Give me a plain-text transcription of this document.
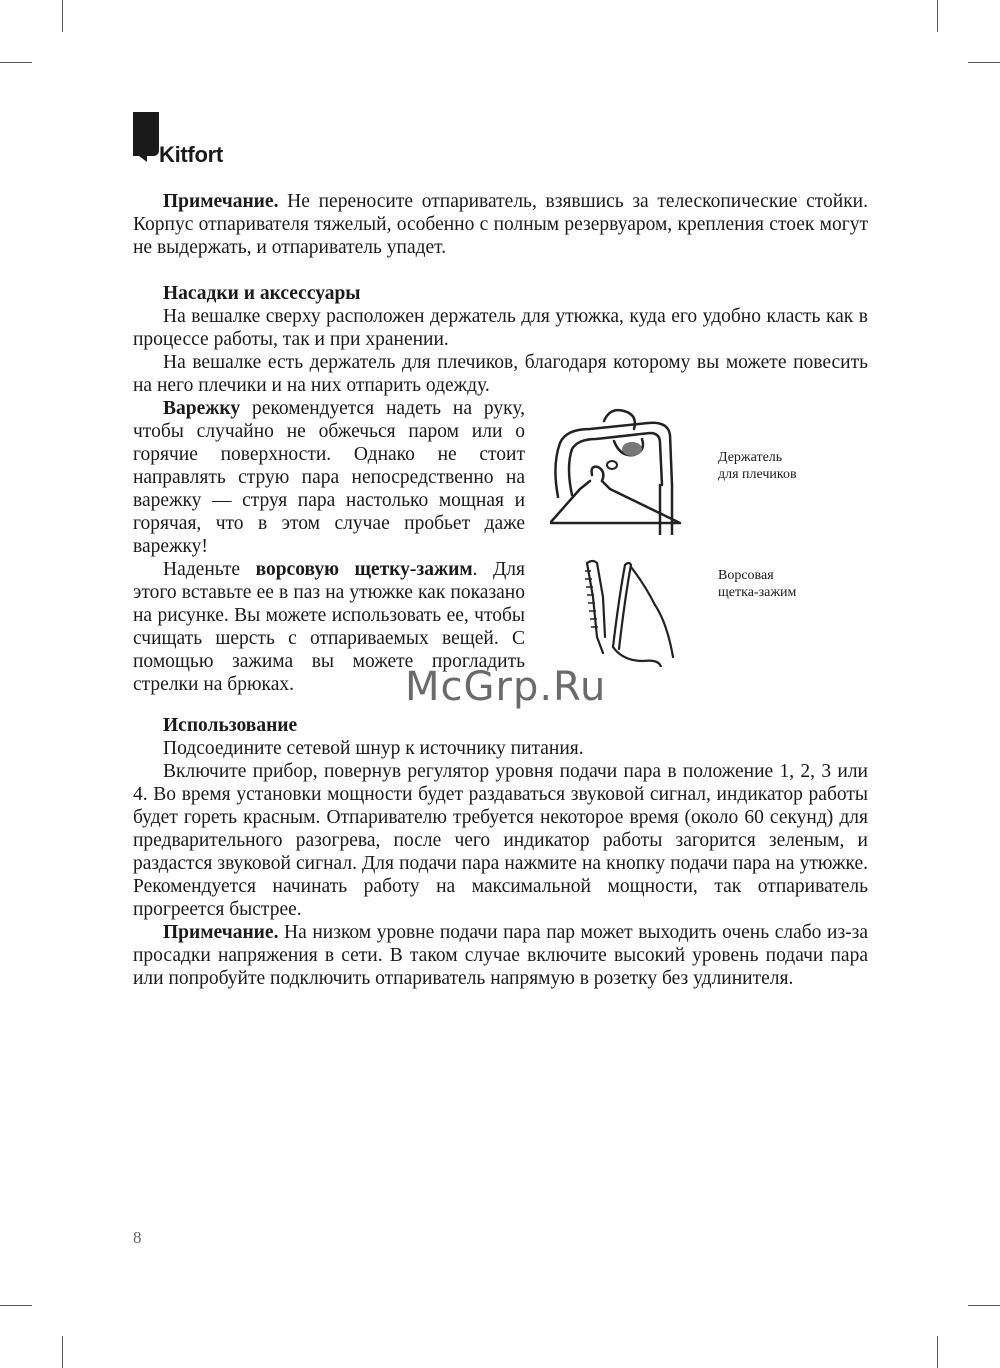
Kitfort

Примечание. Не переносите отпариватель, взявшись за телескопические стойки. Корпус отпаривателя тяжелый, особенно с полным резервуаром, крепления стоек могут не выдержать, и отпариватель упадет.

Насадки и аксессуары

На вешалке сверху расположен держатель для утюжка, куда его удобно класть как в процессе работы, так и при хранении.

На вешалке есть держатель для плечиков, благодаря которому вы можете повесить на него плечики и на них отпарить одежду.

Варежку рекомендуется надеть на руку, чтобы случайно не обжечься паром или о горячие поверхности. Однако не стоит направлять струю пара непосредственно на варежку — струя пара настолько мощная и горячая, что в этом случае пробьет даже варежку!

Наденьте ворсовую щетку-зажим. Для этого вставьте ее в паз на утюжке как показано на рисунке. Вы можете использовать ее, чтобы счищать шерсть с отпариваемых вещей. С помощью зажима вы можете прогладить стрелки на брюках.

Держатель
для плечиков
Ворсовая
щетка-зажим

Использование

Подсоедините сетевой шнур к источнику питания.

Включите прибор, повернув регулятор уровня подачи пара в положение 1, 2, 3 или 4. Во время установки мощности будет раздаваться звуковой сигнал, индикатор работы будет гореть красным. Отпаривателю требуется некоторое время (около 60 секунд) для предварительного разогрева, после чего индикатор работы загорится зеленым, и раздастся звуковой сигнал. Для подачи пара нажмите на кнопку подачи пара на утюжке. Рекомендуется начинать работу на максимальной мощности, так отпариватель прогреется быстрее.

Примечание. На низком уровне подачи пара пар может выходить очень слабо из-за просадки напряжения в сети. В таком случае включите высокий уровень подачи пара или попробуйте подключить отпариватель напрямую в розетку без удлинителя.

McGrp.Ru
8
